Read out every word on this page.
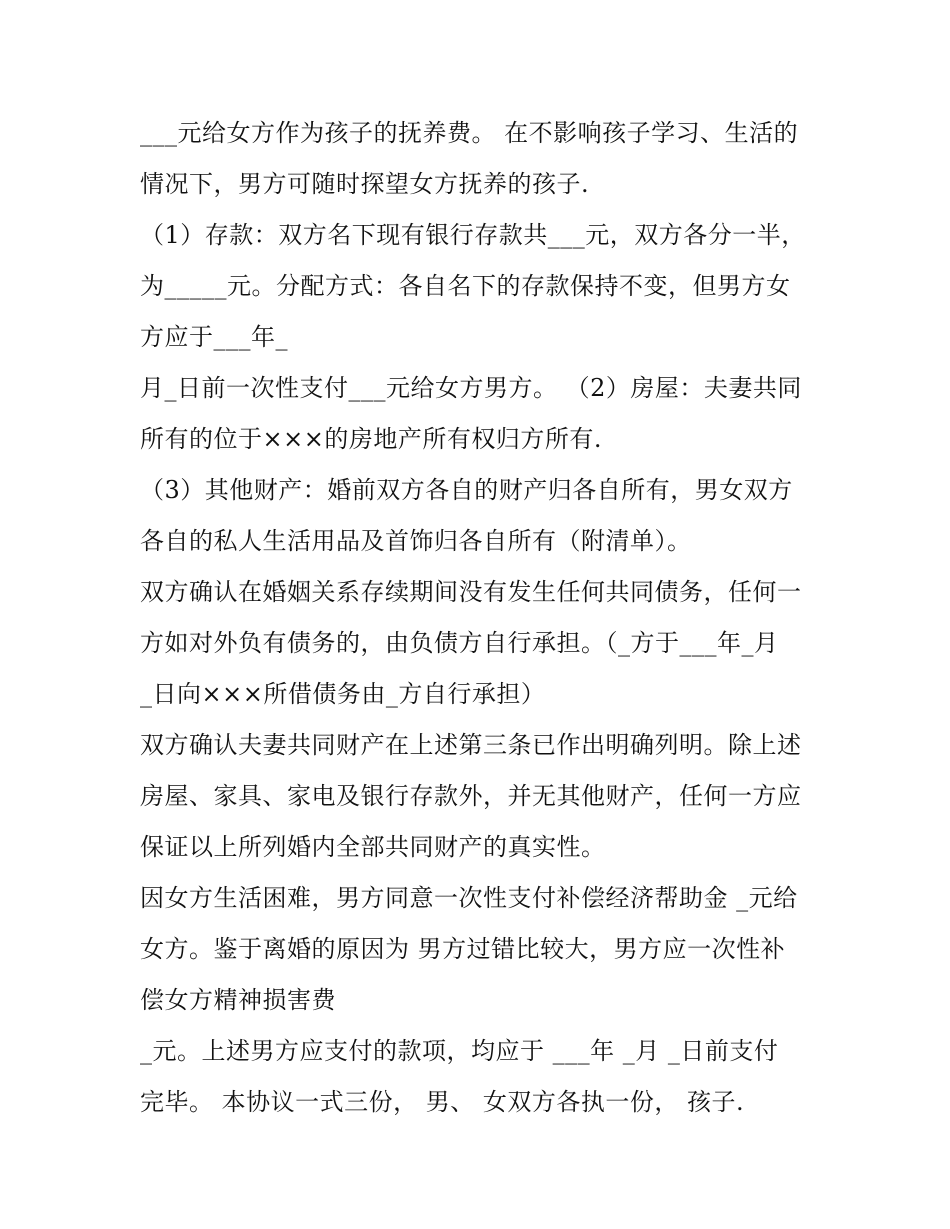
___元给女方作为孩子的抚养费。 在不影响孩子学习、生活的
情况下，男方可随时探望女方抚养的孩子.
（1）存款：双方名下现有银行存款共___元，双方各分一半，
为_____元。分配方式：各自名下的存款保持不变，但男方女
方应于___年_
月_日前一次性支付___元给女方男方。 （2）房屋：夫妻共同
所有的位于×××的房地产所有权归方所有.
（3）其他财产：婚前双方各自的财产归各自所有，男女双方
各自的私人生活用品及首饰归各自所有（附清单）。
双方确认在婚姻关系存续期间没有发生任何共同债务，任何一
方如对外负有债务的，由负债方自行承担。（_方于___年_月
_日向×××所借债务由_方自行承担）
双方确认夫妻共同财产在上述第三条已作出明确列明。除上述
房屋、家具、家电及银行存款外，并无其他财产，任何一方应
保证以上所列婚内全部共同财产的真实性。
因女方生活困难，男方同意一次性支付补偿经济帮助金 _元给
女方。鉴于离婚的原因为 男方过错比较大，男方应一次性补
偿女方精神损害费
_元。上述男方应支付的款项，均应于 ___年 _月 _日前支付
完毕。 本协议一式三份， 男、 女双方各执一份， 孩子.
